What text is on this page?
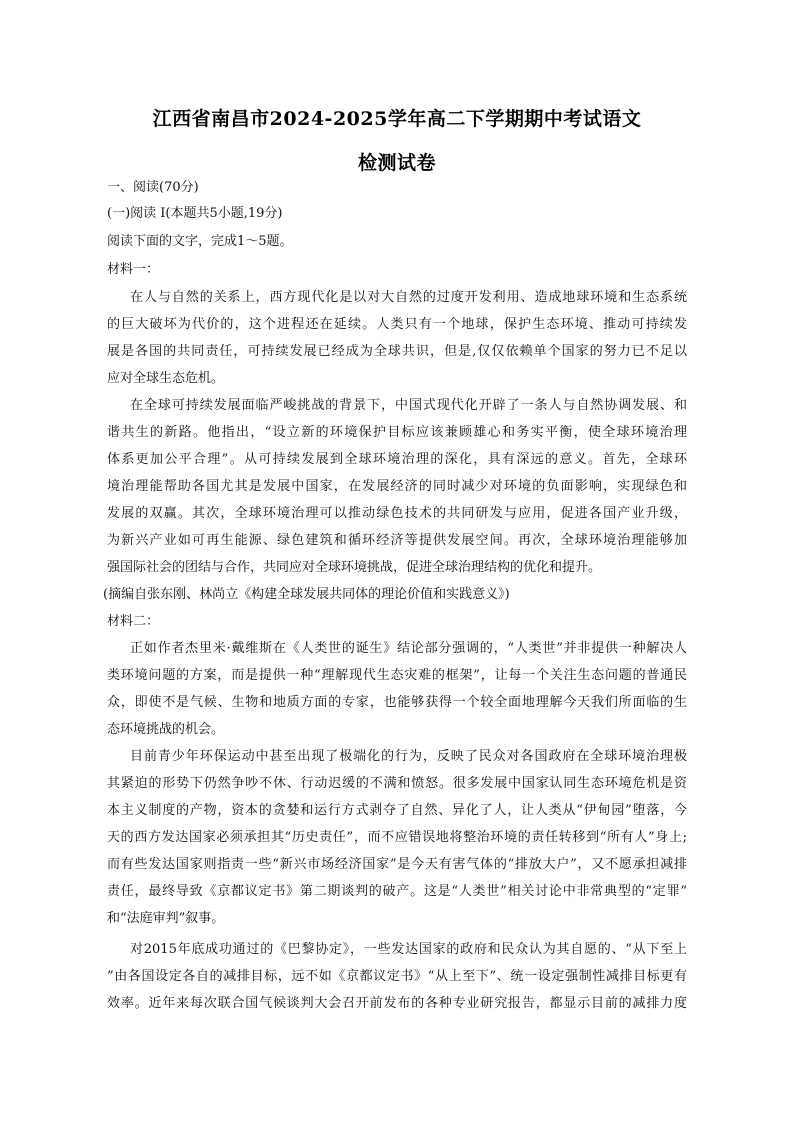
江西省南昌市2024-2025学年高二下学期期中考试语文
检测试卷
一、阅读(70分)
(一)阅读 I(本题共5小题,19分)
阅读下面的文字，完成1～5题。
材料一：
在人与自然的关系上，西方现代化是以对大自然的过度开发利用、造成地球环境和生态系统
的巨大破坏为代价的，这个进程还在延续。人类只有一个地球，保护生态环境、推动可持续发
展是各国的共同责任，可持续发展已经成为全球共识，但是,仅仅依赖单个国家的努力已不足以
应对全球生态危机。
在全球可持续发展面临严峻挑战的背景下，中国式现代化开辟了一条人与自然协调发展、和
谐共生的新路。他指出，“设立新的环境保护目标应该兼顾雄心和务实平衡，使全球环境治理
体系更加公平合理”。从可持续发展到全球环境治理的深化，具有深远的意义。首先，全球环
境治理能帮助各国尤其是发展中国家，在发展经济的同时减少对环境的负面影响，实现绿色和
发展的双赢。其次，全球环境治理可以推动绿色技术的共同研发与应用，促进各国产业升级，
为新兴产业如可再生能源、绿色建筑和循环经济等提供发展空间。再次，全球环境治理能够加
强国际社会的团结与合作，共同应对全球环境挑战，促进全球治理结构的优化和提升。
(摘编自张东刚、林尚立《构建全球发展共同体的理论价值和实践意义》)
材料二：
正如作者杰里米·戴维斯在《人类世的诞生》结论部分强调的，“人类世”并非提供一种解决人
类环境问题的方案，而是提供一种“理解现代生态灾难的框架”，让每一个关注生态问题的普通民
众，即使不是气候、生物和地质方面的专家，也能够获得一个较全面地理解今天我们所面临的生
态环境挑战的机会。
目前青少年环保运动中甚至出现了极端化的行为，反映了民众对各国政府在全球环境治理极
其紧迫的形势下仍然争吵不休、行动迟缓的不满和愤怒。很多发展中国家认同生态环境危机是资
本主义制度的产物，资本的贪婪和运行方式剥夺了自然、异化了人，让人类从“伊甸园”堕落，今
天的西方发达国家必须承担其“历史责任”，而不应错误地将整治环境的责任转移到“所有人”身上;
而有些发达国家则指责一些“新兴市场经济国家”是今天有害气体的“排放大户”，又不愿承担减排
责任，最终导致《京都议定书》第二期谈判的破产。这是“人类世”相关讨论中非常典型的“定罪”
和“法庭审判”叙事。
对2015年底成功通过的《巴黎协定》，一些发达国家的政府和民众认为其自愿的、“从下至上
”由各国设定各自的减排目标，远不如《京都议定书》“从上至下”、统一设定强制性减排目标更有
效率。近年来每次联合国气候谈判大会召开前发布的各种专业研究报告，都显示目前的减排力度
